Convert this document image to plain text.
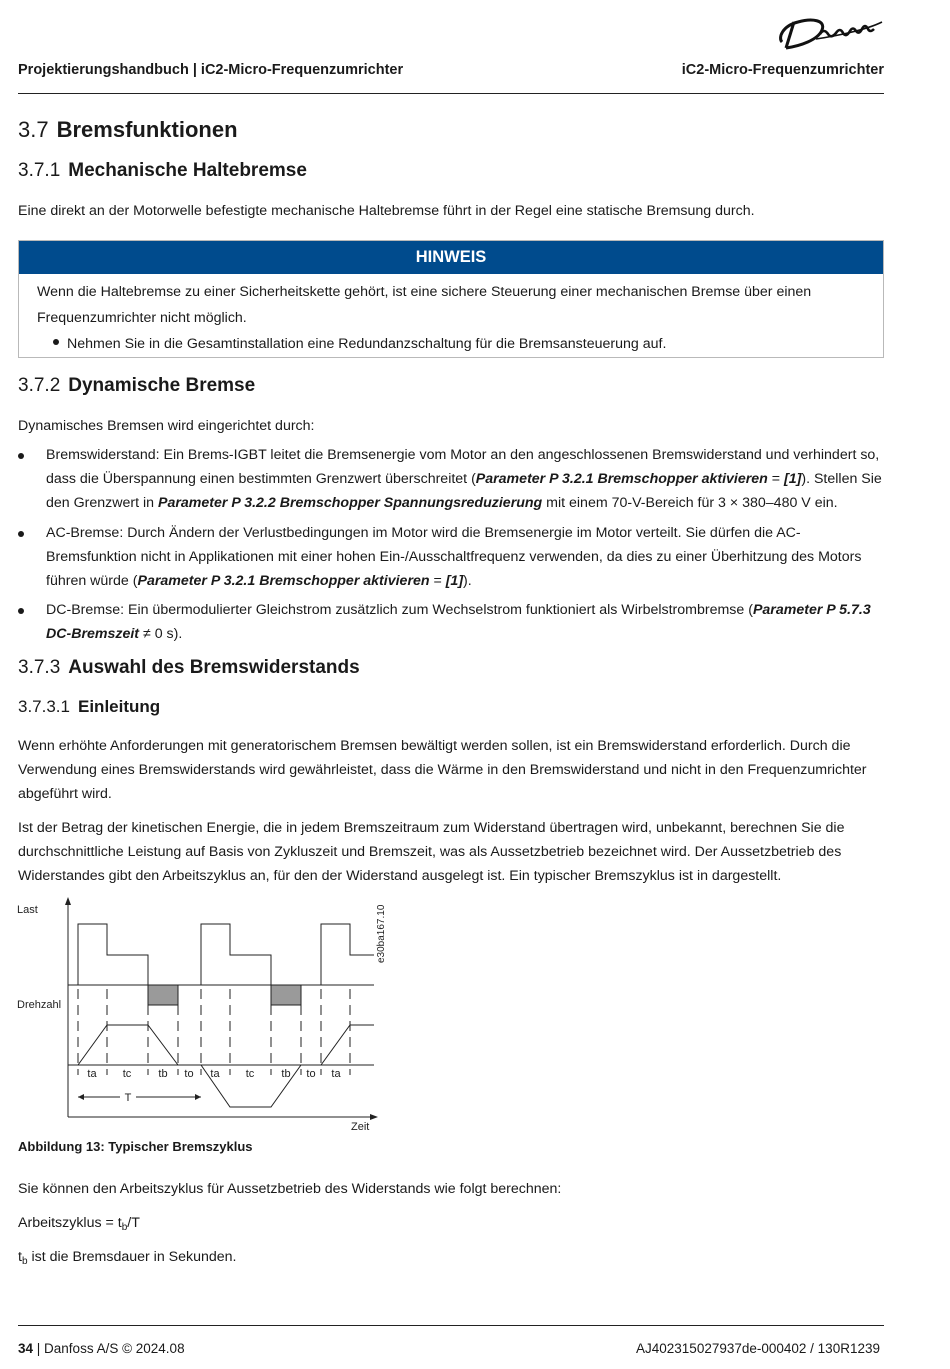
Projektierungshandbuch | iC2-Micro-Frequenzumrichter	iC2-Micro-Frequenzumrichter
3.7 Bremsfunktionen
3.7.1 Mechanische Haltebremse
Eine direkt an der Motorwelle befestigte mechanische Haltebremse führt in der Regel eine statische Bremsung durch.
HINWEIS
Wenn die Haltebremse zu einer Sicherheitskette gehört, ist eine sichere Steuerung einer mechanischen Bremse über einen Frequenzumrichter nicht möglich.
Nehmen Sie in die Gesamtinstallation eine Redundanzschaltung für die Bremsansteuerung auf.
3.7.2 Dynamische Bremse
Dynamisches Bremsen wird eingerichtet durch:
Bremswiderstand: Ein Brems-IGBT leitet die Bremsenergie vom Motor an den angeschlossenen Bremswiderstand und verhindert so, dass die Überspannung einen bestimmten Grenzwert überschreitet (Parameter P 3.2.1 Bremschopper aktivieren = [1]). Stellen Sie den Grenzwert in Parameter P 3.2.2 Bremschopper Spannungsreduzierung mit einem 70-V-Bereich für 3 × 380–480 V ein.
AC-Bremse: Durch Ändern der Verlustbedingungen im Motor wird die Bremsenergie im Motor verteilt. Sie dürfen die AC-Bremsfunktion nicht in Applikationen mit einer hohen Ein-/Ausschaltfrequenz verwenden, da dies zu einer Überhitzung des Motors führen würde (Parameter P 3.2.1 Bremschopper aktivieren = [1]).
DC-Bremse: Ein übermodulierter Gleichstrom zusätzlich zum Wechselstrom funktioniert als Wirbelstrombremse (Parameter P 5.7.3 DC-Bremszeit ≠ 0 s).
3.7.3 Auswahl des Bremswiderstands
3.7.3.1 Einleitung
Wenn erhöhte Anforderungen mit generatorischem Bremsen bewältigt werden sollen, ist ein Bremswiderstand erforderlich. Durch die Verwendung eines Bremswiderstands wird gewährleistet, dass die Wärme in den Bremswiderstand und nicht in den Frequenzumrichter abgeführt wird.
Ist der Betrag der kinetischen Energie, die in jedem Bremszeitraum zum Widerstand übertragen wird, unbekannt, berechnen Sie die durchschnittliche Leistung auf Basis von Zykluszeit und Bremszeit, was als Aussetzbetrieb bezeichnet wird. Der Aussetzbetrieb des Widerstandes gibt den Arbeitszyklus an, für den der Widerstand ausgelegt ist. Ein typischer Bremszyklus ist in dargestellt.
Last
Drehzahl
Zeit
e30ba167.10
ta tc tb to ta tc tb to ta
T
Abbildung 13: Typischer Bremszyklus
Sie können den Arbeitszyklus für Aussetzbetrieb des Widerstands wie folgt berechnen:
Arbeitszyklus = $t_b/T$
$t_b$ ist die Bremsdauer in Sekunden.
34 | Danfoss A/S © 2024.08	AJ402315027937de-000402 / 130R1239
